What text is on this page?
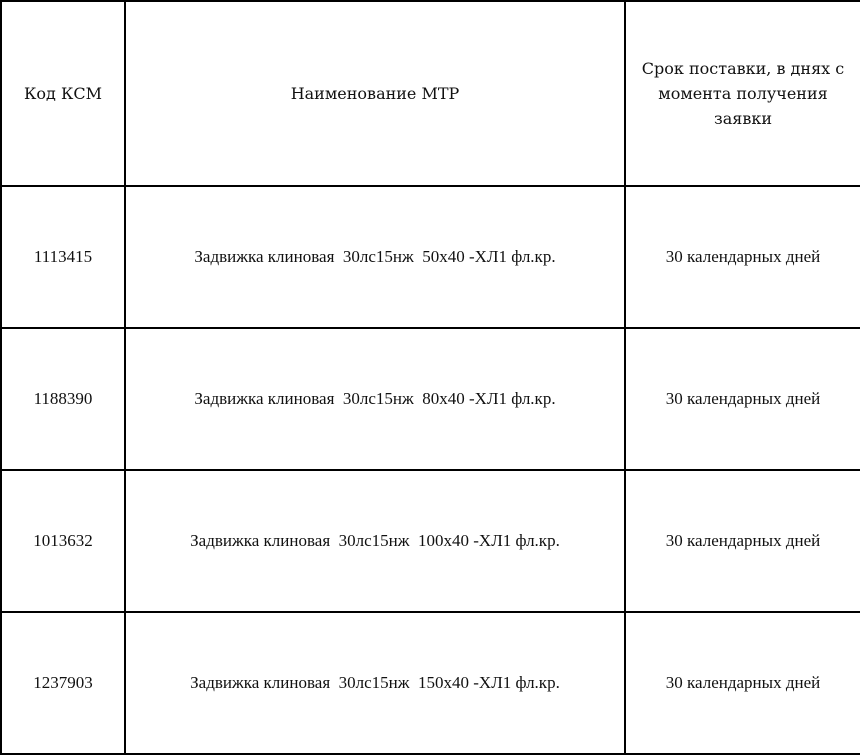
Код КСМ	Наименование МТР	Срок поставки, в днях с момента получения заявки
1113415	Задвижка клиновая  30лс15нж  50х40 -ХЛ1 фл.кр.	30 календарных дней
1188390	Задвижка клиновая  30лс15нж  80х40 -ХЛ1 фл.кр.	30 календарных дней
1013632	Задвижка клиновая  30лс15нж  100х40 -ХЛ1 фл.кр.	30 календарных дней
1237903	Задвижка клиновая  30лс15нж  150х40 -ХЛ1 фл.кр.	30 календарных дней
